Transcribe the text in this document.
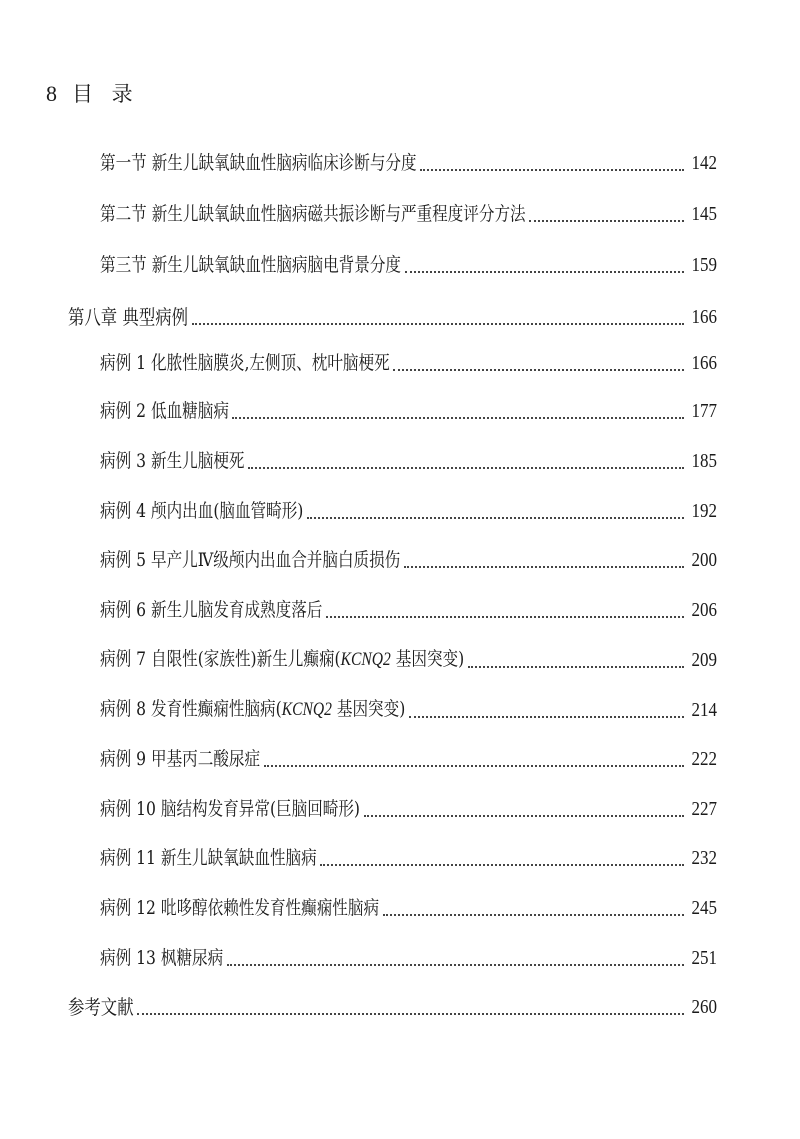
8 目 录
第一节 新生儿缺氧缺血性脑病临床诊断与分度	142
第二节 新生儿缺氧缺血性脑病磁共振诊断与严重程度评分方法	145
第三节 新生儿缺氧缺血性脑病脑电背景分度	159
第八章 典型病例	166
病例 1 化脓性脑膜炎,左侧顶、枕叶脑梗死	166
病例 2 低血糖脑病	177
病例 3 新生儿脑梗死	185
病例 4 颅内出血(脑血管畸形)	192
病例 5 早产儿Ⅳ级颅内出血合并脑白质损伤	200
病例 6 新生儿脑发育成熟度落后	206
病例 7 自限性(家族性)新生儿癫痫(KCNQ2 基因突变)	209
病例 8 发育性癫痫性脑病(KCNQ2 基因突变)	214
病例 9 甲基丙二酸尿症	222
病例 10 脑结构发育异常(巨脑回畸形)	227
病例 11 新生儿缺氧缺血性脑病	232
病例 12 吡哆醇依赖性发育性癫痫性脑病	245
病例 13 枫糖尿病	251
参考文献	260
